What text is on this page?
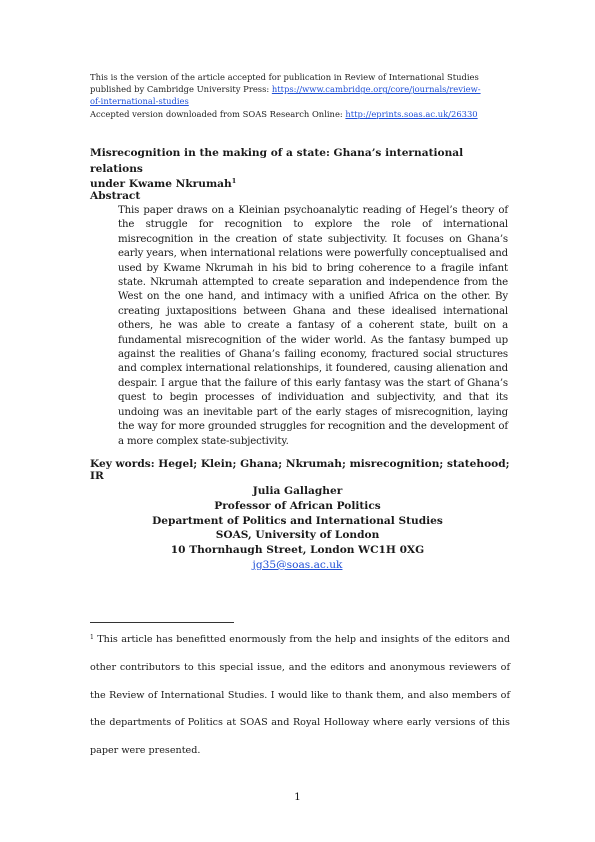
This is the version of the article accepted for publication in Review of International Studies
published by Cambridge University Press: https://www.cambridge.org/core/journals/review-
of-international-studies
Accepted version downloaded from SOAS Research Online: http://eprints.soas.ac.uk/26330
Misrecognition in the making of a state: Ghana’s international relations
under Kwame Nkrumah$^1$
Abstract
This paper draws on a Kleinian psychoanalytic reading of Hegel’s theory of the struggle for recognition to explore the role of international misrecognition in the creation of state subjectivity. It focuses on Ghana’s early years, when international relations were powerfully conceptualised and used by Kwame Nkrumah in his bid to bring coherence to a fragile infant state. Nkrumah attempted to create separation and independence from the West on the one hand, and intimacy with a unified Africa on the other. By creating juxtapositions between Ghana and these idealised international others, he was able to create a fantasy of a coherent state, built on a fundamental misrecognition of the wider world. As the fantasy bumped up against the realities of Ghana’s failing economy, fractured social structures and complex international relationships, it foundered, causing alienation and despair. I argue that the failure of this early fantasy was the start of Ghana’s quest to begin processes of individuation and subjectivity, and that its undoing was an inevitable part of the early stages of misrecognition, laying the way for more grounded struggles for recognition and the development of a more complex state-subjectivity.
Key words: Hegel; Klein; Ghana; Nkrumah; misrecognition; statehood; IR
Julia Gallagher
Professor of African Politics
Department of Politics and International Studies
SOAS, University of London
10 Thornhaugh Street, London WC1H 0XG
jg35@soas.ac.uk
$^1$ This article has benefitted enormously from the help and insights of the editors and other contributors to this special issue, and the editors and anonymous reviewers of the Review of International Studies. I would like to thank them, and also members of the departments of Politics at SOAS and Royal Holloway where early versions of this paper were presented.
1
